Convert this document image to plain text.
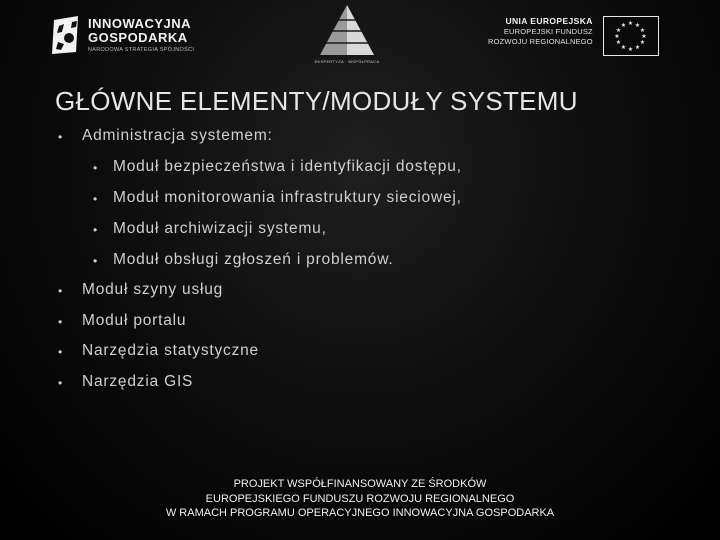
INNOWACYJNA
GOSPODARKA
NARODOWA STRATEGIA SPÓJNOŚCI
EKSPERTYZA · WSPÓŁPRACA
UNIA EUROPEJSKA
EUROPEJSKI FUNDUSZ
ROZWOJU REGIONALNEGO
★ ★
★
★
★
★
★
★
★
★
★
★
GŁÓWNE ELEMENTY/MODUŁY SYSTEMU
• Administracja systemem:
• Moduł bezpieczeństwa i identyfikacji dostępu,
• Moduł monitorowania infrastruktury sieciowej,
• Moduł archiwizacji systemu,
• Moduł obsługi zgłoszeń i problemów.
• Moduł szyny usług
• Moduł portalu
• Narzędzia statystyczne
• Narzędzia GIS
PROJEKT WSPÓŁFINANSOWANY ZE ŚRODKÓW
EUROPEJSKIEGO FUNDUSZU ROZWOJU REGIONALNEGO
W RAMACH PROGRAMU OPERACYJNEGO INNOWACYJNA GOSPODARKA
